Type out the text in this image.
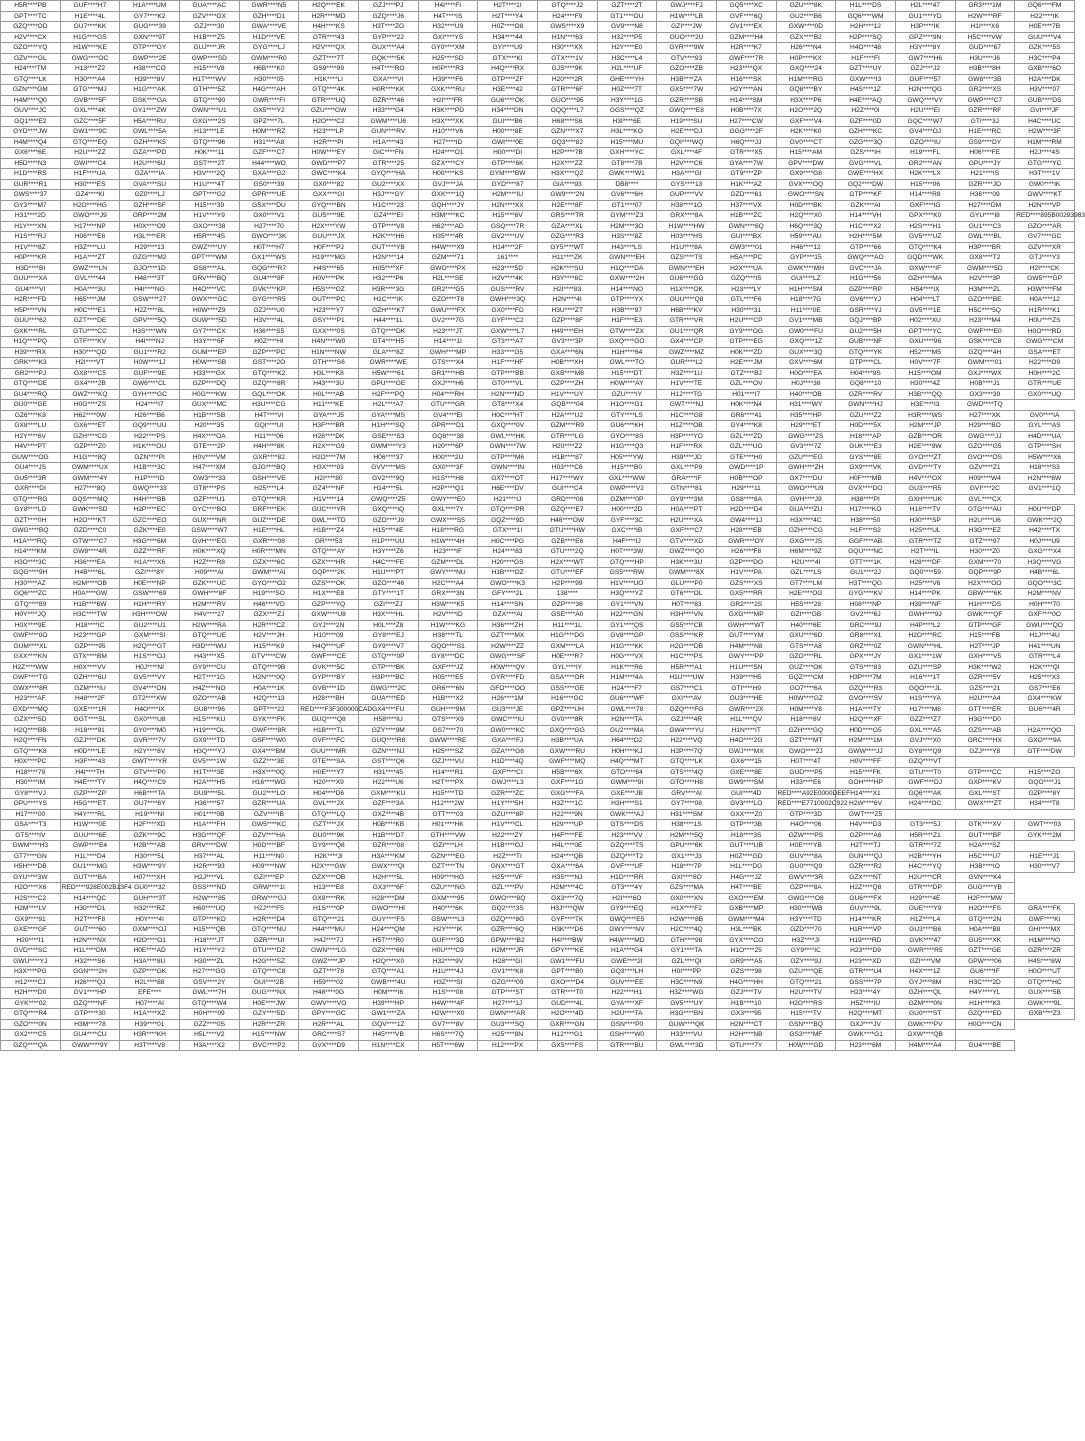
H5R****PB	GUF****H7	H1A****UM	GUA****AC	GWR****N5	H2Q****EK	GZJ****PJ	H4I****FI	H2T****1I	GTQ****J2	GZT****2T	GWJ****FJ	GQ5****XC	GZU****8K	H1L****DS	H2L****47	GR3****1M	GQ6****FM
GPT****TC	H1E****4L	GY7****K2	GZV****OX	GZH****D1	H2R****MD	GZQ****J6	H4T****IS	H2T****Y4	H24****F9	GT1****OU	H1W****LB	GVF****6Q	GU2****B6	GQ6****WM	GU1****YD	H2W****RF	H22****IK
GZQ****OD	GU7****KK	GUG****39	GZJ****30	GWA****VE	H4H****KS	H3T****ZG	H32****U9	H0Z****O8	GWS****X9	GV9****N8	GZI****JW	GV1****EX	GXW****0D	H2H****12	H3P****IK	H1I****X6	H0E****7B
H2V****CX	H1G****GS	GXN****9T	H1B****Z5	H1D****VE	GTR****43	GYP****22	GXI****YS	H34****44	H1N****63	H32****P5	GUO****2U	GZM****H4	GZX****B2	H2P****SQ	GPZ****9N	H5C****VW	GUU****V4
GZO****YQ	H1W****KE	GTP****GY	GUJ****JR	GYG****LJ	H2V****QX	GUX****A4	GY0****XM	GYI****U9	H30****XX	H2Y****E0	GYR****9W	H2R****K7	H26****N4	H4O****48	H3Y****8Y	GUD****67	GZK****5S
GZV****GL	GWG****OC	GWP****2E	GWP****SD	GWM****R0	GZT****7T	GQK****5K	H25****SD	GTX****KI	GTX****1V	H3C****L4	GTV****93	GWF****7R	H0P****KX	H1F****FI	GW7****H6	H3U****J6	H3C****P4
H24****TM	H13****Z2	H38****CO	H15****V8	H6B****K0	GS9****99	H4T****RO	H0P****R3	H4Q****RX	GJS****9K	H2L****UF	GZO****ZB	H23****QX	GXQ****24	GZT****UY	GZJ****J2	H3B****8H	GXB****6O
GTQ****LK	H30****A4	H39****8V	H1T****WV	H30****05	H1K****LI	GXA****VI	H39****F6	GTP****ZF	H20****2R	GHE****YH	H3B****ZA	H16****SX	H1M****RG	GXW****I3	GUF****57	GW8****3B	H2A****DK
GZN****GM	GTG****MJ	H1G****AK	GTH****5Z	H4G****AH	GTQ****4K	H0R****KK	GXK****RU	H3E****42	GTR****6F	H0Z****7T	GX5****7W	H2Y****AN	GQ8****BY	H4S****1Z	H2N****QG	GR2****XS	H3V****07
H4M****Q0	GVB****5F	GSK****GA	GTQ****90	GWR****FI	GTR****UQ	GZR****46	H2I****FR	GU6****OK	GUO****95	H3Y****1G	GZR****SB	H14****SM	H3X****P6	H4E****AQ	GWQ****VY	GWP****C7	GUB****DS
GUV****JC	GXL****4K	GY1****ZW	GWN****U1	GX5****Y2	GZU****GW	H33****G4	H3K****PD	H34****DN	GQQ****L7	GGS****QZ	GWQ****E8	H0B****7X	H2O****2Q	H2Z****0I	H2U****EI	GZR****RF	GVI****JF
GQ1****E2	GZC****5F	H5A****RU	GXG****2S	GPZ****7L	H2O****C2	GWM****U6	H3X****XK	GUI****B6	H68****S6	H3I****6E	H19****SU	H27****CW	GXF****V4	GZF****0D	GQC****W7	GTI****3J	H4C****UC
GYD****JW	GW1****9C	GWL****5A	H13****LE	H0M****RZ	H23****LP	GUN****RV	H10****V6	H00****8E	GZN****X7	H3L****KO	H2E****DJ	GGG****2F	H2K****K0	GZH****KC	GV4****OJ	H1E****RC	H2W****3F
H4M****Q4	GTQ****EQ	GZH****K5	GTQ****96	H31****A8	H2R****PI	H1A****43	H27****ID	GWI****0E	GQ3****82	H15****MU	GQI****WQ	H6Q****JJ	GV0****CT	GZG****3Q	GZO****IU	GS9****DY	H1M****RM
GX6****6E	H2U****ZZ	GZA****PD	H0K****11	GZF****C7	H0W****EY	GIC****FN	H24****O1	H00****DI	H2P****7B	GXH****YC	GXL****4F	GTR****X5	H15****AM	GZS****IH	H19****FL	H06****FE	H2J****4S
H5D****N3	GWI****C4	H2U****6U	GST****2T	H44****WO	GWD****P7	GTR****25	GZX****CY	GTP****6K	H2X****ZZ	GT8****7B	H2V****C6	GYA****7W	GPV****DW	GVG****VL	GR2****AN	GPU****JY	GTG****YC
H1D****RS	H1F****UA	GZA****IA	H3V****2Q	GXA****G2	GWC****K4	GYQ****HA	H00****KS	GYM****BW	H3X****Q2	GWK****W1	H3A****GI	GT9****ZP	GX9****G8	GWE****HX	H2K****LX	H21****IS	H3T****1V
GUR****R1	H30****ES	GVA****SU	H1U****4T	GS0****39	GX0****82	GU2****XX	GVJ****JA	GYD****87	GIA****93	DB8****	GYS****13	H1K****AZ	GVX****OQ	GQ2****DW	H15****06	GZR****JO	GW0****IK
GWS****37	GZ4****KI	GZ0****LJ	GPT****G2	GPR****UE	GXX****GI	H3J****GY	GXK****1Q	H2M****IU	GW9****2N	GV6****6H	GUP****VV	GZD****61	GWO****SN	GTP****KF	H14****R8	H36****09	GWV****KT
GY3****M7	H2O****HG	GZH****SF	H15****39	GSX****DU	GYQ****BN	H1C****23	GQH****JY	H2N****XX	H2E****8F	GT1****07	H38****1O	H37****VX	H0D****BK	GZK****AI	GXF****IG	H27****DM	H2N****VP
H31****2D	GWO****J9	GRP****2M	H1V****Y9	GX0****V1	GUS****9E	GZ4****EI	H3M****KC	H15****6V	GRS****TR	GYM****Z3	GRX****8A	H1B****ZC	H2Q****X0	H14****VH	GPX****K0	GYU****I8	RED****895B00293983
H1Y****XN	H17****NP	H0X****O9	GXO****38	H27****70	H2X****YW	GTP****V8	H62****AD	GSQ****7R	GZA****XL	H2M****3O	H1W****HW	GWN****6Q	H6Q****3Q	H1C****X2	H2S****H1	GU1****C3	GZO****AR
H1S****RJ	H06****E8	H3L****ER	H5R****4S	GWO****3K	GUU****JX	H2K****H6	H35****4R	GV2****UV	GZG****R3	H3S****8Z	H03****HS	GUI****BX	H59****AU	H2H****5M	GV5****UZ	GWL****BL	GV7****GC
H1V****8Z	H3Z****LU	H29****13	GWZ****UY	H0T****H7	H0F****PJ	GUT****YB	H4W****X9	H14****2F	GY5****WT	H43****LS	H1U****8A	GW3****01	H46****12	GTP****66	GTQ****K4	H3P****BR	GZV****XR
H0P****KR	H1A****ZT	GZG****M2	GPT****WM	GX1****WS	H19****MG	H2N****14	GZM****71	161****	H11****ZK	GWN****EH	GZS****TS	H5A****PC	GYP****15	GWQ****AO	GQD****WK	GX8****T2	GTJ****Y3
H3D****BI	GWZ****LN	GJO****1D	GS8****AL	GQG****R7	H4S****65	H05****XF	GWO****PX	H23****5D	H2K****SU	H1Q****DA	GWN****EH	H2X****UA	GWK****MH	GVC****JA	GXW****IF	GWM****5D	H2I****CK
GUU****XA	GVL****44	H48****3T	GRV****BQ	GU4****8F	H0V****PK	H32****P6	H2L****SE	H2V****4K	H3Y****6C	GXW****2H	GU6****GG	GZQ****IS	GUI****LZ	H1G****56	GZH****MA	H2V****3P	GW5****GP
GU4****VI	H0A****3U	H4I****NG	H4O****VC	GVK****KP	H5S****OZ	H3R****3G	GR2****G5	GUS****RV	H2I****83	H14****NO	H1X****OK	H23****LY	H1H****SM	GZP****RP	H54****IX	H3M****ZL	H3W****FM
H2R****FD	H65****JM	GSW****27	GWX****GC	GYG****R5	GUT****PC	H1C****IK	GZO****T8	GWH****3Q	H2N****4I	GTP****YX	GUU****Q8	GTL****F6	H18****7G	GV6****YJ	H04****LT	GZO****BE	H0A****12
H5P****VN	H0C****E1	H2Z****8L	H0W****Z9	GZJ****U0	H23****Y7	GZH****K7	GWU****FX	GX0****FD	H3U****ZT	H3B****97	H6B****KV	H30****31	H11****0E	GSR****YJ	GV5****1E	H5C****5Q	H1R****K1
GUU****62	GZT****DE	GPV****5Q	GUW****5D	H3V****4L	GSY****P1	H44****1L	GV2****7G	GYF****C2	GZP****8F	H1F****E3	GTR****VR	H2U****CP	GV1****MB	GQJ****BP	H02****XU	H23****M4	H0U****ZS
GXK****RL	GTU****CC	H3S****WN	GY7****CX	H36****S5	GXX****0S	GTQ****DK	H23****JT	GXW****L7	H49****EH	GTW****ZX	GU1****QR	GY9****OG	GW0****FU	GU2****5H	GPT****YC	GWF****E0	H0O****RD
H1Q****PQ	GTF****KV	H4I****NJ	H3Y****6F	H0Z****HI	H4N****W0	GT4****H5	H14****1I	GT3****A7	GV3****3P	GXQ****GO	GX4****CP	GTP****EG	GXQ****1Z	GUB****NF	GXU****96	GSK****C8	GWG****CM
H39****RX	H30****QD	GU1****R2	GUM****EP	GZP****PC	H1N****NW	GLA****8Z	GWH****MP	H33****G5	GXA****6N	H1H****64	GWZ****MZ	H0K****ZD	GUX****3Q	GTQ****YK	H52****M5	GZQ****4H	GSA****ET
GRK****K3	H2I****VT	H0W****1J	H0W****SB	GST****2O	GTH****S6	GWR****WE	GTS****X4	H1F****HF	H0B****XH	GWL****TO	GUR****L2	H2E****JM	GXV****6M	GTP****CL	H0V****7F	GWM****01	H22****O9
GR2****PJ	GX8****C5	GUF****9E	H33****GX	GTQ****K2	H3L****K8	H5W****61	GR1****HB	GTP****BB	GXB****M8	H15****DT	H3Z****1U	GTZ****BJ	H0O****EA	H04****9S	H15****OM	GXJ****WX	H0H****2C
GTQ****DE	GX4****2B	GW6****CL	GZP****DQ	GZQ****8R	H43****3U	GPU****GE	GXJ****H6	GT0****VL	GZP****ZH	H0W****AY	H1V****TE	GZL****OV	H0J****38	GQ8****10	H30****4Z	H0B****J1	GTR****UE
GU4****RQ	GWZ****KQ	GYH****GC	H0G****KW	GQL****OK	H0L****AB	H2F****PQ	H04****RH	H2N****ND	H1V****UY	GZU****IY	H12****TG	H01****I7	H40****OB	GZR****RV	H3B****QQ	GX3****39	GX0****UQ
GU0****GE	H0G****ZS	H24****I7	GUX****MC	H3U****CG	H11****KE	H2L****A7	GTU****GR	GT8****X4	GQB****04	H1O****G1	GWT****NJ	H0K****N4	H31****WY	GWN****HJ	H3E****I3	GWD****TQ	
GZ6****K8	H62****0W	H26****B6	H1B****SB	H4T****VI	GYA****J5	GYA****MS	GV4****EI	H0C****HT	H2A****U2	GTY****LS	H1C****G8	GR6****41	H35****HP	GZU****Z2	H3R****WS	H27****XK	GV0****IA
GX8****LU	GX6****ET	GQ9****UU	H20****35	GQI****UI	H3F****BR	H1H****SQ	GPR****D1	GXQ****0V	GZM****R9	GU6****KH	H1Z****OB	GY4****K8	H29****ET	H0D****5X	H2M****JP	H29****BO	GYL****AS
H2Y****6V	GZH****CD	H22****PS	H4X****OA	H11****06	H28****DK	GSE****S3	GQ8****38	GWL****HK	GTR****LG	GYO****8S	H3P****YO	GZL****ZD	GWG****ZS	H18****AP	GZB****OR	GWG****JJ	H4D****UA
H4V****PT	GZP****Z0	H1K****OU	GTE****2P	H4H****8K	H2X****G9	GWM****Y3	H20****6P	GWN****7W	H20****Z2	H1G****Q3	H1F****RX	GZL****UO	GV3****7Z	GUK****E3	H2E****9W	GZO****G5	GTP****SH
GUW****OG	H1G****8Q	GZN****PI	H0V****VM	GXR****82	H2O****7M	H06****37	H00****2U	GTP****M6	H1B****87	H05****YW	H39****JD	GTE****H0	GZU****EG	GYS****8E	GYO****ZT	GVO****OS	H5W****X6
GU4****JS	GWM****UX	H1B****3C	H47****XM	GJG****BQ	H3X****03	GVV****MS	GX0****3F	GWN****IN	H03****C6	H15****B0	GXL****P9	GWD****1P	GWH****ZH	GX9****VK	GVD****TY	GZV****Z1	H18****S3
GU5****3R	GWM****4Y	H1P****ID	GW3****33	GSH****VE	H2I****80	GV2****9Q	H1S****H8	GX7****OT	H17****WY	GXL****WW	GRA****IF	H0B****OP	GX7****DU	H0F****MB	H4V****OX	H09****W4	H2N****6W
GXR****DI	H27****8Q	GWQ****33	GT8****PS	H25****L4	GZ4****NF	H14****5L	H2P****Q1	H6E****DV	GUI****C4	GWP****V2	GTN****81	H29****11	GWO****U9	GVX****DO	GU3****R5	GVI****2C	GV1****1Q
GTQ****RG	GQS****MQ	H4H****BB	GZF****U1	GTQ****KR	H1V****14	GWQ****Z5	GWY****E0	H21****IJ	GRD****08	GZM****0P	GY9****3M	GS8****8A	GVH****J9	H38****PI	GXH****UK	GVL****CX	
GY8****LD	GWK****SD	H2P****EC	GYC****BO	GRF****EK	GUC****YR	GXQ****IQ	GXL****7Y	GTQ****PR	GZQ****E7	H00****2D	H0A****PT	H2D****D4	GUA****ZU	H17****KO	H16****TV	GTG****AU	H0U****DP
GZT****0H	H2O****KT	GZC****EO	GUX****NR	GUZ****DE	GWL****TD	GZO****J9	GWX****S5	GQZ****9D	H48****OW	GYF****3C	H2U****XA	GW4****1J	H3X****4C	H38****50	H30****SP	H2U****U6	GWK****2Q
GWG****BQ	GZD****C0	GZK****E0	GSW****W7	H1E****HL	H1B****Z4	H15****4E	H18****RG	GTX****1I	GTU****HW	GXC****IB	GXF****C7	H28****EB	GZH****CG	H1F****S2	H25****UL	H3G****EZ	H42****TX
H1A****RQ	GTW****C7	H3G****6M	GVH****EG	GXR****08	GR****53	H1P****UU	H1W****4H	H0C****PG	GZB****E6	H4F****IJ	GTV****XD	GWR****OY	GXG****JS	GGF****AB	GTR****TZ	GTZ****97	H0J****U9
H14****KM	GW8****4R	GZZ****RF	H0K****XQ	H0R****MN	GTQ****AY	H3Y****Z6	H23****IF	H24****83	GTU****2Q	H0T****3W	GWZ****Q0	H26****F8	H6M****9Z	GQU****NC	H2T****IL	H30****Z0	GXG****X4
H3O****3C	H36****EA	H1A****X6	H2Z****R8	GZX****6C	GZX****HR	H4C****FE	GZM****DL	H20****GS	H2X****WT	GTQ****HP	H3K****3U	GZP****DO	H2U****4I	GTT****1K	H28****DF	GXM****70	H3Q****VG
GQG****9H	H4B****6L	GZI****8Y	H09****AI	GWM****AI	GQP****2K	H1U****PT	GWY****NU	H1B****OZ	GTU****EF	GS5****RW	GWM****8X	H1V****PA	GZL****LS	GU1****2J	GQ0****59	GQP****9P	H4B****6L
H30****AZ	H2M****OB	H0E****NP	GZK****UC	GYO****O2	GZS****OK	GZO****46	H2C****A4	GWO****K3	H2P****99	H1V****UO	GLU****P0	GZS****XS	GT7****LM	H3T****QG	H25****V6	H2X****OO	GQO****3C
GQ6****ZC	H0A****GW	GSW****69	GWH****8F	H19****SO	H1X****E8	GTY****1T	GRX****3N	GFY****2L	138****	H3Q****YZ	GT6****OL	GX5****RR	H2E****OG	GYG****KV	H14****PK	GBW****6K	H2M****NV
GTQ****89	H1B****6W	H1H****RY	H2M****RV	H46****VD	GZP****YQ	GZI****ZJ	H3W****K5	H14****SN	GZP****36	GY1****VN	H0T****83	GR2****2S	H5S****28	H08****NP	H39****NF	H1H****DS	H0H****70
H0Y****JQ	H3C****TW	H3H****OW	H4V****27	GZX****ZJ	GXW****U8	H3X****HL	H2V****ID	GZX****AI	GSE****A0	H22****GN	H3H****VN	GXG****MP	GZI****GB	GV2****6J	GWH****9J	GWK****QF	GXF****0O
H0X****9E	H18****IC	GU2****U1	H2W****RA	H2R****CZ	GYJ****2N	H0L****Z8	H1W****KG	H36****ZH	H11****1L	GY1****QS	GS5****CB	GWH****WT	H40****6E	GRC****9J	H4P****L2	GTP****GF	GWU****QO
GWF****0O	H23****GP	GXM****SI	GTQ****UE	H2V****JH	H10****09	GY8****EJ	H38****TL	GZT****MX	H1G****DG	GV8****GP	GSS****KR	GUT****YM	GXU****6D	GR8****X1	H2O****RC	H15****FB	H1J****4U
GUM****XL	GZP****95	H2Q****GT	H3D****WU	H15****K9	H4Q****UF	GY9****V7	GQO****S1	H2W****ZZ	GXM****LA	H1G****KK	H2G****DB	H4M****N8	GTS****A8	GRZ****0Z	GWN****HL	H2T****JP	H41****UN
GXX****KN	GTX****BM	H1S****OJ	H43****X5	GTV****CW	GWF****CE	GTQ****0P	GY8****DC	GWG****SF	H0E****R7	H0G****VX	H1C****PS	GWY****PP	GZO****RL	GPX****JY	GX1****1W	GXH****V5	GTR****L4
H2Z****WW	H0X****VV	H0J****NI	GY9****CU	GTQ****9B	GVK****5C	GTP****BK	GXF****JZ	H0W****QV	GYL****IY	H1K****R6	H5R****A1	H1U****SN	GUZ****OK	GTS****83	GZU****SP	H3K****W2	H2K****QI
GWF****TG	GZH****6U	GV5****VY	H2T****1G	H2N****0Q	GYP****BY	H3P****BC	H05****E5	GYR****FD	GSA****OR	H1M****4A	H1U****UW	H39****H5	GQZ****CM	H3P****7M	H16****1T	GZR****5V	H25****X3
GWX****8R	GZM****IU	GV4****ON	H4Z****NO	H0A****1K	GVB****1D	GWG****2C	GR6****6N	GFO****OO	GSS****GE	H24****F7	GS7****C1	GTI****H9	GO7****6A	GZQ****R3	GQO****JL	GZS****21	GS7****E6
H23****AF	H48****2F	GT2****XW	GZO****AB	H2Q****13	H28****BH	GUA****ED	H1B****X2	H26****1M	H16****GC	GU6****WF	GXI****AV	GU3****HE	H0W****GZ	GVO****SV	H1S****YA	H2U****A4	GX4****KW
GXD****MQ	GXE****1R	H4O****IX	GU8****96	GPT****22	RED****F3F300000CAD	GX4****FU	GUH****9M	GU3****JE	GPZ****UH	GWL****78	GZQ****FG	GWR****2X	H0M****Y8	H1A****TY	H17****M6	GTT****ER	GU6****4R
GZX****5D	GGT****SL	GX0****U8	H1S****KU	GYK****FK	GUQ****Q8	H58****IU	GTS****X9	GWC****IU	GV0****8R	H2N****TA	GZJ****4R	H1L****QV	H18****8V	H2Q****XF	GZZ****Z7	H3G****D0	
H2Q****BB	H18****91	GY0****M0	H19****OL	GWF****8R	H1B****TL	GZY****9M	GS7****70	GW0****KC	GXQ****GG	GU2****MA	GW4****YU	H1N****IT	GZH****GQ	H0D****G5	GXL****A5	GZS****AB	H2A****QO
H2Q****FN	GZJ****DK	GVR****7V	GX9****TD	GSF****W0	GVF****FC	GUQ****R8	GWW****RE	GXA****FJ	H3B****UA	H64****O2	H22****VQ	H4O****2G	GZT****MT	H2M****1M	GVJ****X0	GRC****HX	GXO****9A
GTQ****K8	H0D****LE	H2Y****8V	H3Q****YJ	GX4****BM	GUU****MR	GZN****NJ	H25****SZ	GZA****G8	GXW****RU	H0H****KJ	H2P****7Q	GWJ****MX	GWO****2J	GWW****JJ	GY8****Q9	GZJ****Y8	GTF****DW
H0X****PC	H3F****43	GWT****YR	GV5****1W	GZZ****3E	GTE****SA	GST****Q6	GZJ****VU	H1D****4Q	GWF****MQ	H4Q****MT	GTQ****LK	GX6****15	H0T****4T	H0V****FF	GZQ****VT		
H18****79	H4I****TH	GTV****P0	H1T****3E	H3X****0Q	H0E****Y7	H31****45	H14****R1	GXF****CI	H5B****6X	GTO****64	GTS****4Q	GXE****8E	GUD****P5	H15****FK	GTU****T0	GTP****CC	H15****ZO
H30****IM	H4E****TY	H4Q****C9	H2A****H5	H16****WG	H20****X9	H22****U6	H2T****PX	GWJ****L3	GXF****1G	GWM****9I	GTO****H8	GW9****SM	H33****E6	GOH****HP	GWF****DJ	GXP****KV	GQO****J1
GY8****VJ	GZP****ZP	H6B****TA	GU9****5L	GU2****LO	H04****D6	GXM****KU	H15****TD	GZR****ZC	GXG****FA	GXE****JB	GRV****AI	GUI****4D	RED****A92E0000DEEF	H14****X1	GQ6****AK	GXL****ST	GZP****8Y
GPU****YS	H5G****ET	GU7****6Y	H36****57	GZR****UA	GVL****JX	GZF****3A	H12****2W	H1Y****5H	H3Z****1C	H3H****S1	GY7****08	GV3****LO	RED****E7710002C922	H2W****6V	H24****OC	GWX****ZT	H34****T8
H17****00	H4Y****RL	H19****NI	H01****0B	GZV****IB	GTQ****LQ	GXZ****4B	GTT****03	GZU****8P	H22****9N	GWK****AJ	H31****SM	GXX****Z0	GTP****3D	GWT****Z5			
GSA****T3	H1W****0E	H2F****XD	H1A****FH	GW5****KC	GZT****JX	H0B****KB	H01****HK	H1V****CL	H29****UP	GTS****DS	H38****1S	GTP****3B	H4O****06	H4V****D3	GT3****5J	GTK****XV	GWT****03
GTS****IV	GUU****6E	GZK****9C	H3G****QF	GZV****HA	GU0****9K	H1B****D7	GTH****VW	H22****ZY	H4F****FE	H23****VV	H2M****5Q	H18****3S	GZW****PS	GZP****A6	H5R****Z1	GUT****BF	GYK****2M
GWM****H3	GWP****E4	H2B****AB	GRV****DW	H0D****BF	GY9****Q8	GZR****08	GZI****LH	H1B****OJ	H4L****0E	GZQ****TS	GPU****6K	GUT****UB	H0E****YB	H2T****TJ	GTR****7Z	H2A****SZ	
GT7****GN	H1L****D4	H30****51	H37****AL	H11****N0	H2K****JI	H3A****KM	GZN****EG	H2Z****TI	H24****QB	GZQ****T2	GX1****J3	H0Z****GD	GUV****8A	GUN****QJ	H2B****YH	H5C****U7	H1E****J1
H5H****DB	GU1****MG	H3W****9Y	H2R****93	H09****NW	H2X****GW	GWX****QI	GZT****TN	GNX****GT	GXA****6A	GVF****UF	H18****7P	H1L****DG	GU0****Q9	GZR****R2	H4C****YQ	H3B****IO	H30****V7
GYU****3W	GUT****BA	H07****XH	H2J****VL	GZI****EP	GZX****OB	H2H****5L	H09****HG	H25****VF	H35****NJ	H1D****RR	GXI****8O	H4G****JZ	GWV****3R	GZX****NT	H2U****CR	GVN****K4	
H2O****X6	RED****928E002B13F4	GU0****32	GSS****ND	GRW****1I	H13****E8	GX3****6F	GZU****NG	GZL****PV	H2M****4C	GT3****4Y	GZS****MA	H4T****BE	GZP****8A	H2Z****Q8	GTR****DP	GUG****YB	
H2S****C2	H14****QC	GUH****3T	H2W****85	GRW****GJ	GX8****RK	H28****DM	GXM****95	GWO****8Q	GX3****7Q	H2I****6O	GX0****XN	GXO****EM	GWG****O8	GU6****FX	H29****4E	H2F****MW	
H2M****LV	H30****D1	H32****RZ	H60****UQ	H2J****F5	H1S****0P	GWO****HI	H40****6K	GQ2****3S	H3J****QW	GY9****EQ	H1X****F2	GXB****MP	H30****WB	GUV****9L	GUE****Y9	H2O****FS	GRA****FK
GX9****91	H2T****F8	H0Y****4I	GTP****KD	H2R****D4	GTQ****21	GUY****FS	GSW****L3	GZQ****8G	GYF****TK	GWQ****E5	H2W****8B	GWM****M4	H3Y****TD	H14****KR	H1Z****L4	GTQ****2N	GWF****KI
GXE****GF	GUT****60	GXM****OJ	H15****QB	GTQ****NU	H44****MU	H24****QM	H2Y****IK	GZR****6Q	H3K****D6	GWY****NV	H2C****4Q	H3L****BK	GZD****70	H1R****VP	GU3****B6	H0A****B8	GHI****MX
H20****I1	H2N****NX	H2O****O1	H18****JT	GZR****UI	H4J****7J	H5T****R0	GUF****3D	GPW****B2	H4I****BW	H4W****MD	GTH****98	GYX****CO	H3Z****JI	H19****RD	GVK****47	GU5****XK	H1M****IO
GVD****SC	H1L****DM	H0E****AD	H1Y****Y2	GTU****DZ	GWN****LG	GZX****6N	H0U****C9	H2M****JR	GPY****KE	H1A****G4	GY1****TA	H1O****25	GY9****IC	H23****D9	GWR****R5	GZT****GE	GZR****ZR
GWU****YJ	H32****S6	H3A****8U	H30****ZL	H2G****SZ	GWZ****JP	H2Q****X0	H32****9V	H28****GI	GW1****FU	GWE****2I	GZL****QI	GR9****A5	GZY****9J	H23****XD	GZI****VM	GPW****06	H4S****8W
H3X****PG	GGN****2H	GZP****GK	H27****GG	GTQ****C8	GZT****78	GTQ****A1	H1U****4J	GV1****K8	GPT****B0	GQ3****LH	H0I****PP	GZS****98	GZU****QE	GTR****U4	H4X****1Z	GU6****IF	H0O****UT
H12****CJ	H26****QJ	H2L****88	GSV****2Y	GUI****2B	H59****02	GWB****4U	H3Z****SI	GZG****09	GXO****D4	GUV****EE	H3C****N9	H4G****HH	GTQ****21	GSS****7P	GYJ****8M	H3C****2D	GTQ****HC
H2H****D0	GV1****HP	EFE****	GWL****7H	GUG****NX	H48****0G	H0M****I6	H1S****08	GTP****ST	GTR****T0	H22****H1	H3Z****WG	GZJ****TV	H2U****TV	H23****4Y	GZH****QL	H4Y****YL	GUX****5B
GYK****02	GZQ****NF	H07****AI	GTQ****W4	H0E****JW	GWV****VO	H39****HP	H4W****4F	H27****1J	GUD****4L	GYA****XF	GV5****UY	H1B****10	H2O****RS	H5Z****IU	GZM****0N	H1H****K3	GWK****9L
GTQ****R4	GTP****30	H1A****XZ	H0H****09	GZY****5D	GPY****GC	GW1****ZA	H2W****X0	GWN****AR	H2O****4D	H2U****TA	H3G****BN	GX3****95	H15****TV	H2Q****MT	GU0****ST	GZQ****ED	GXB****Z3
GZO****0N	H3M****78	H39****01	GZZ****0S	H2R****ZR	H2R****AL	GQV****1Z	GV7****8V	GU3****SQ	GXR****GN	GSN****P0	GUW****QK	H2N****CT	GSN****BQ	GXJ****JV	GWK****PV	H0O****CN	
GX2****C5	GU4****CU	H3R****KH	H5L****V2	H15****NW	GRC****S7	H45****VB	H6S****7Q	H25****8N	H12****G1	GSH****W0	H33****VU	H2H****NB	GS3****MF	GWK****G1	GXW****QB		
GZQ****QA	GWW****9Y	H3T****V8	H3A****X2	GVC****P2	GVX****D9	H1N****CX	H5T****6W	H12****PX	GX5****FS	GTR****BU	GWL****3D	GTU****7Y	H0W****GD	H23****6M	H4M****A4	GU4****BE	
